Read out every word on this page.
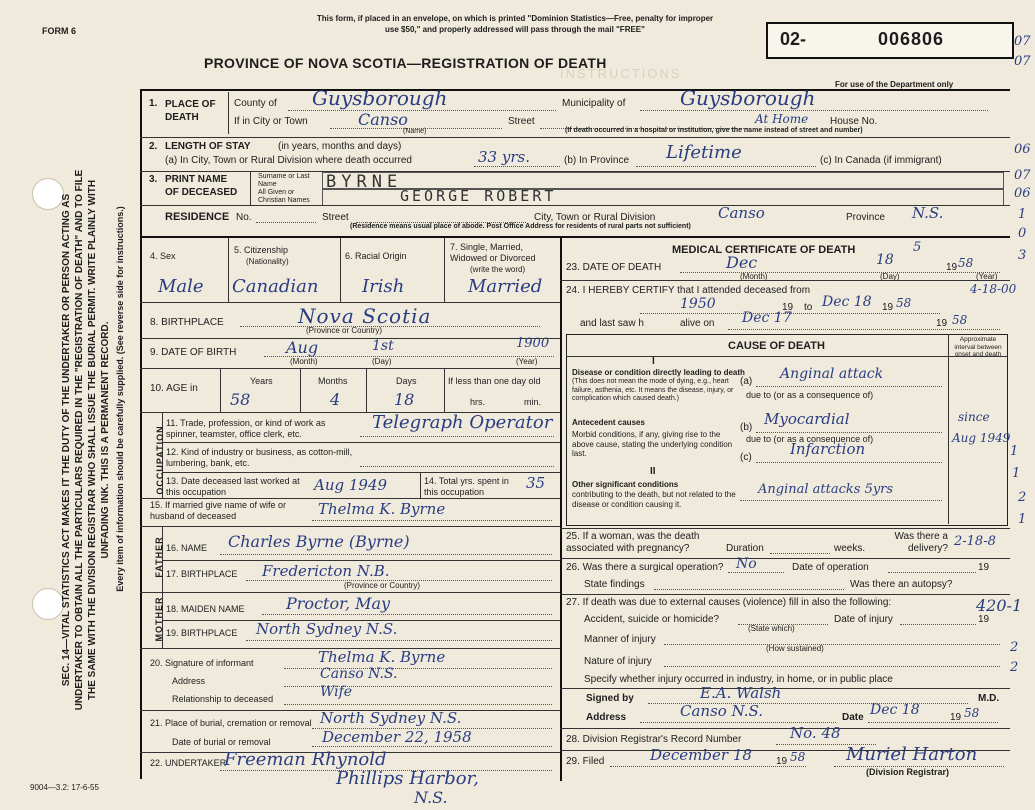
FORM 6
SEC. 14—VITAL STATISTICS ACT MAKES IT THE DUTY OF THE UNDERTAKER OR PERSON ACTING AS UNDERTAKER TO OBTAIN ALL THE PARTICULARS REQUIRED IN THE "REGISTRATION OF DEATH" AND TO FILE THE SAME WITH THE DIVISION REGISTRAR WHO SHALL ISSUE THE BURIAL PERMIT. WRITE PLAINLY WITH UNFADING INK. THIS IS A PERMANENT RECORD. Every item of information should be carefully supplied. (See reverse side for instructions.)
9004—3.2: 17-6-55
This form, if placed in an envelope, on which is printed "Dominion Statistics—Free, penalty for improper
use $50," and properly addressed will pass through the mail "FREE"
PROVINCE OF NOVA SCOTIA—REGISTRATION OF DEATH
INSTRUCTIONS
02-	006806
For use of the Department only
1. PLACE OF DEATH
County of Guysborough	Municipality of	Guysborough
If in City or Town	Canso
(Name)
Street	At Home House No.
(If death occurred in a hospital or institution, give the name instead of street and number)
2. LENGTH OF STAY	(in years, months and days)
(a) In City, Town or Rural Division where death occurred	33 yrs.	(b) In Province Lifetime	(c) In Canada (if immigrant)
3. PRINT NAME
OF DECEASED
Surname or Last Name
All Given or Christian Names
BYRNE
GEORGE ROBERT
RESIDENCE No.	Street	City, Town or Rural Division	Canso	Province N.S.
(Residence means usual place of abode. Post Office Address for residents of rural parts not sufficient)
4. Sex
5. Citizenship
(Nationality)
6. Racial Origin
7. Single, Married, Widowed or Divorced
(write the word)
Male Canadian Irish	Married
8. BIRTHPLACE	Nova Scotia
(Province or Country)
9. DATE OF BIRTH	Aug	1st	1900
(Month)	(Day)	(Year)
10. AGE in
Years	Months	Days
58	4	18
If less than one day old
hrs.	min.
OCCUPATION
11. Trade, profession, or kind of work as spinner, teamster, office clerk, etc.
Telegraph Operator
12. Kind of industry or business, as cotton-mill, lumbering, bank, etc.
13. Date deceased last worked at this occupation	Aug 1949	14. Total yrs. spent in this occupation	35
15. If married give name of wife or husband of deceased	Thelma K. Byrne
FATHER 16. NAME Charles Byrne (Byrne)
17. BIRTHPLACE Fredericton N.B.
(Province or Country)
MOTHER 18. MAIDEN NAME	Proctor, May
19. BIRTHPLACE North Sydney N.S.
20. Signature of informant	Thelma K. Byrne
Address	Canso N.S.
Relationship to deceased	Wife
21. Place of burial, cremation or removal North Sydney N.S.
Date of burial or removal	December 22, 1958
22. UNDERTAKER
Freeman Rhynold
Phillips Harbor,
N.S.
MEDICAL CERTIFICATE OF DEATH
23. DATE OF DEATH	Dec	18	19 58
(Month)	(Day)	(Year)
24. I HEREBY CERTIFY that I attended deceased from
1950	19 to Dec 18 19 58
and last saw h	alive on Dec 17	19 58
CAUSE OF DEATH
Approximate interval between onset and death
I
Disease or condition directly leading to death
(This does not mean the mode of dying, e.g., heart failure, asthenia, etc. It means the disease, injury, or complication which caused death.)
(a) Anginal attack
due to (or as a consequence of)
Antecedent causes
Morbid conditions, if any, giving rise to the above cause, stating the underlying condition last.
(b) Myocardial	since
due to (or as a consequence of)
(c)	Infarction
Aug 1949
II
Other significant conditions
contributing to the death, but not related to the disease or condition causing it.
Anginal attacks 5yrs
25. If a woman, was the death associated with pregnancy?	Duration	weeks.
Was there a delivery?
26. Was there a surgical operation? No	Date of operation	19
State findings	Was there an autopsy?
27. If death was due to external causes (violence) fill in also the following:
Accident, suicide or homicide?
(State which)
Date of injury	19
Manner of injury
(How sustained)
Nature of injury
Specify whether injury occurred in industry, in home, or in public place
Signed by	E.A. Walsh	M.D.
Address	Canso N.S.	Date Dec 18	19 58
28. Division Registrar's Record Number	No. 48
29. Filed	December 18 19 58 Muriel Harton
(Division Registrar)
07
07
06
07
06
1
0
3
2
1
2
2
5
4-18-00
1
1
2-18-8
420-1
